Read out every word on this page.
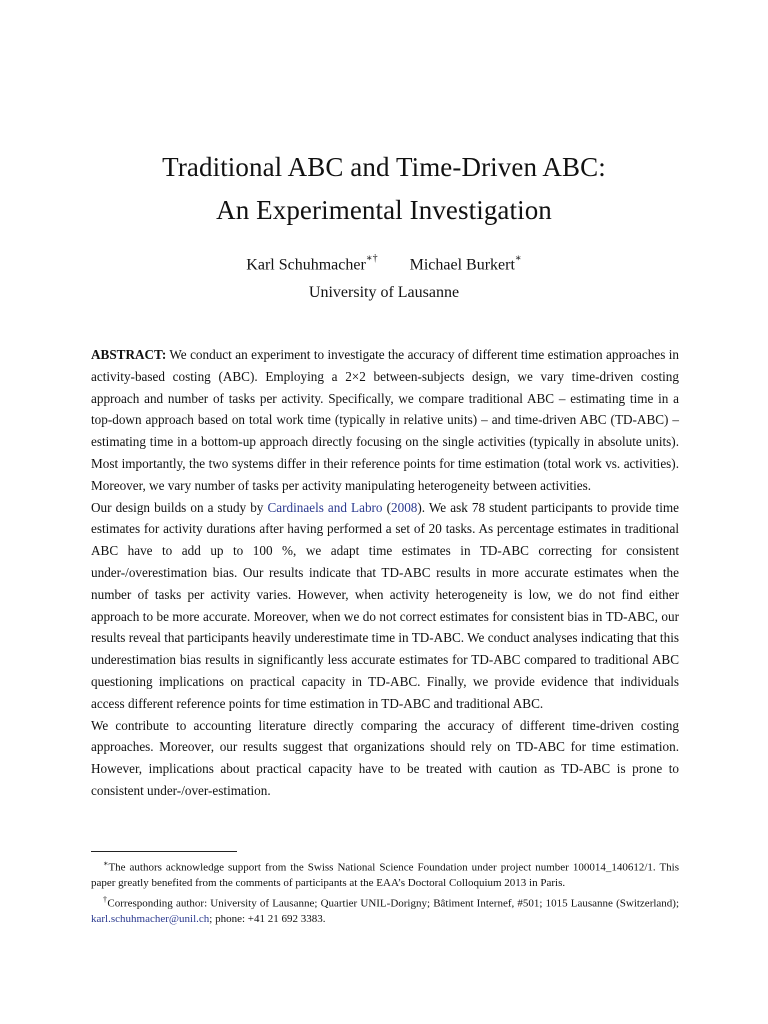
Traditional ABC and Time-Driven ABC:
An Experimental Investigation
Karl Schuhmacher∗† Michael Burkert∗
University of Lausanne

ABSTRACT: We conduct an experiment to investigate the accuracy of different time estimation approaches in activity-based costing (ABC). Employing a 2×2 between-subjects design, we vary time-driven costing approach and number of tasks per activity. Specifically, we compare traditional ABC – estimating time in a top-down approach based on total work time (typically in relative units) – and time-driven ABC (TD-ABC) – estimating time in a bottom-up approach directly focusing on the single activities (typically in absolute units). Most importantly, the two systems differ in their reference points for time estimation (total work vs. activities). Moreover, we vary number of tasks per activity manipulating heterogeneity between activities.

Our design builds on a study by Cardinaels and Labro (2008). We ask 78 student participants to provide time estimates for activity durations after having performed a set of 20 tasks. As percentage estimates in traditional ABC have to add up to 100 %, we adapt time estimates in TD-ABC correcting for consistent under-/overestimation bias. Our results indicate that TD-ABC results in more accurate estimates when the number of tasks per activity varies. However, when activity heterogeneity is low, we do not find either approach to be more accurate. Moreover, when we do not correct estimates for consistent bias in TD-ABC, our results reveal that participants heavily underestimate time in TD-ABC. We conduct analyses indicating that this underestimation bias results in significantly less accurate estimates for TD-ABC compared to traditional ABC questioning implications on practical capacity in TD-ABC. Finally, we provide evidence that individuals access different reference points for time estimation in TD-ABC and traditional ABC.

We contribute to accounting literature directly comparing the accuracy of different time-driven costing approaches. Moreover, our results suggest that organizations should rely on TD-ABC for time estimation. However, implications about practical capacity have to be treated with caution as TD-ABC is prone to consistent under-/over-estimation.

∗The authors acknowledge support from the Swiss National Science Foundation under project number 100014_140612/1. This paper greatly benefited from the comments of participants at the EAA’s Doctoral Colloquium 2013 in Paris.

†Corresponding author: University of Lausanne; Quartier UNIL-Dorigny; Bâtiment Internef, #501; 1015 Lausanne (Switzerland); karl.schuhmacher@unil.ch; phone: +41 21 692 3383.
